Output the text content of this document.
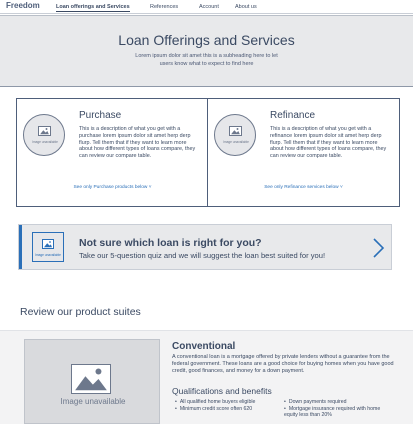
Freedom	Loan offerings and Services	References	Account	About us
Loan Offerings and Services
Lorem ipsum dolor sit amet this is a subheading here to let users know what to expect to find here
Image unavailable
Purchase
This is a description of what you get with a purchase lorem ipsum dolor sit amet herp derp flurp. Tell them that if they want to learn more about how different types of loans compare, they can review our compare table.
See only Purchase products below ˅
Image unavailable
Refinance
This is a description of what you get with a refinance lorem ipsum dolor sit amet herp derp flurp. Tell them that if they want to learn more about how different types of loans compare, they can review our compare table.
See only Refinance services below ˅
Image unavailable
Not sure which loan is right for you?
Take our 5-question quiz and we will suggest the loan best suited for you!
Review our product suites
Image unavailable
Conventional
A conventional loan is a mortgage offered by private lenders without a guarantee from the federal government. These loans are a good choice for buying homes when you have good credit, good finances, and money for a down payment.
Qualifications and benefits
• All qualified home buyers eligible
• Minimum credit score often 620
• Down payments required
• Mortgage insurance required with home equity less than 20%
